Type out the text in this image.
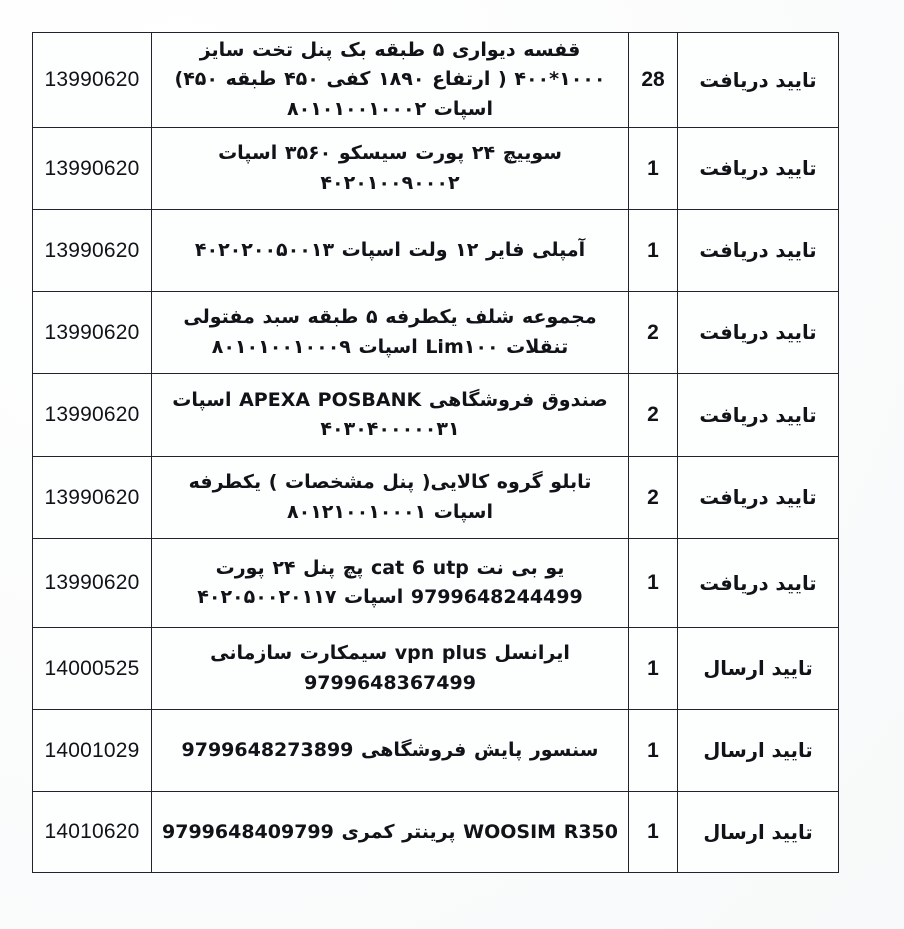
تایید دریافت	28	قفسه دیواری ۵ طبقه بک پنل تخت سایز ۱۰۰۰*۴۰۰ ( ارتفاع ۱۸۹۰ کفی ۴۵۰ طبقه ۴۵۰) اسپات ۸۰۱۰۱۰۰۱۰۰۰۲	13990620
تایید دریافت	1	سوییچ ۲۴ پورت سیسکو ۳۵۶۰ اسپات ۴۰۲۰۱۰۰۹۰۰۰۲	13990620
تایید دریافت	1	آمپلی فایر ۱۲ ولت اسپات ۴۰۲۰۲۰۰۵۰۰۱۳	13990620
تایید دریافت	2	مجموعه شلف یکطرفه ۵ طبقه سبد مفتولی تنقلات Lim۱۰۰ اسپات ۸۰۱۰۱۰۰۱۰۰۰۹	13990620
تایید دریافت	2	صندوق فروشگاهی APEXA POSBANK اسپات ۴۰۳۰۴۰۰۰۰۰۳۱	13990620
تایید دریافت	2	تابلو گروه کالایی( پنل مشخصات ) یکطرفه اسپات ۸۰۱۲۱۰۰۱۰۰۰۱	13990620
تایید دریافت	1	یو بی نت cat 6 utp پچ پنل ۲۴ پورت 9799648244499 اسپات ۴۰۲۰۵۰۰۲۰۱۱۷	13990620
تایید ارسال	1	ایرانسل vpn plus سیمکارت سازمانی 9799648367499	14000525
تایید ارسال	1	سنسور پایش فروشگاهی 9799648273899	14001029
تایید ارسال	1	WOOSIM R350 پرینتر کمری 9799648409799	14010620
